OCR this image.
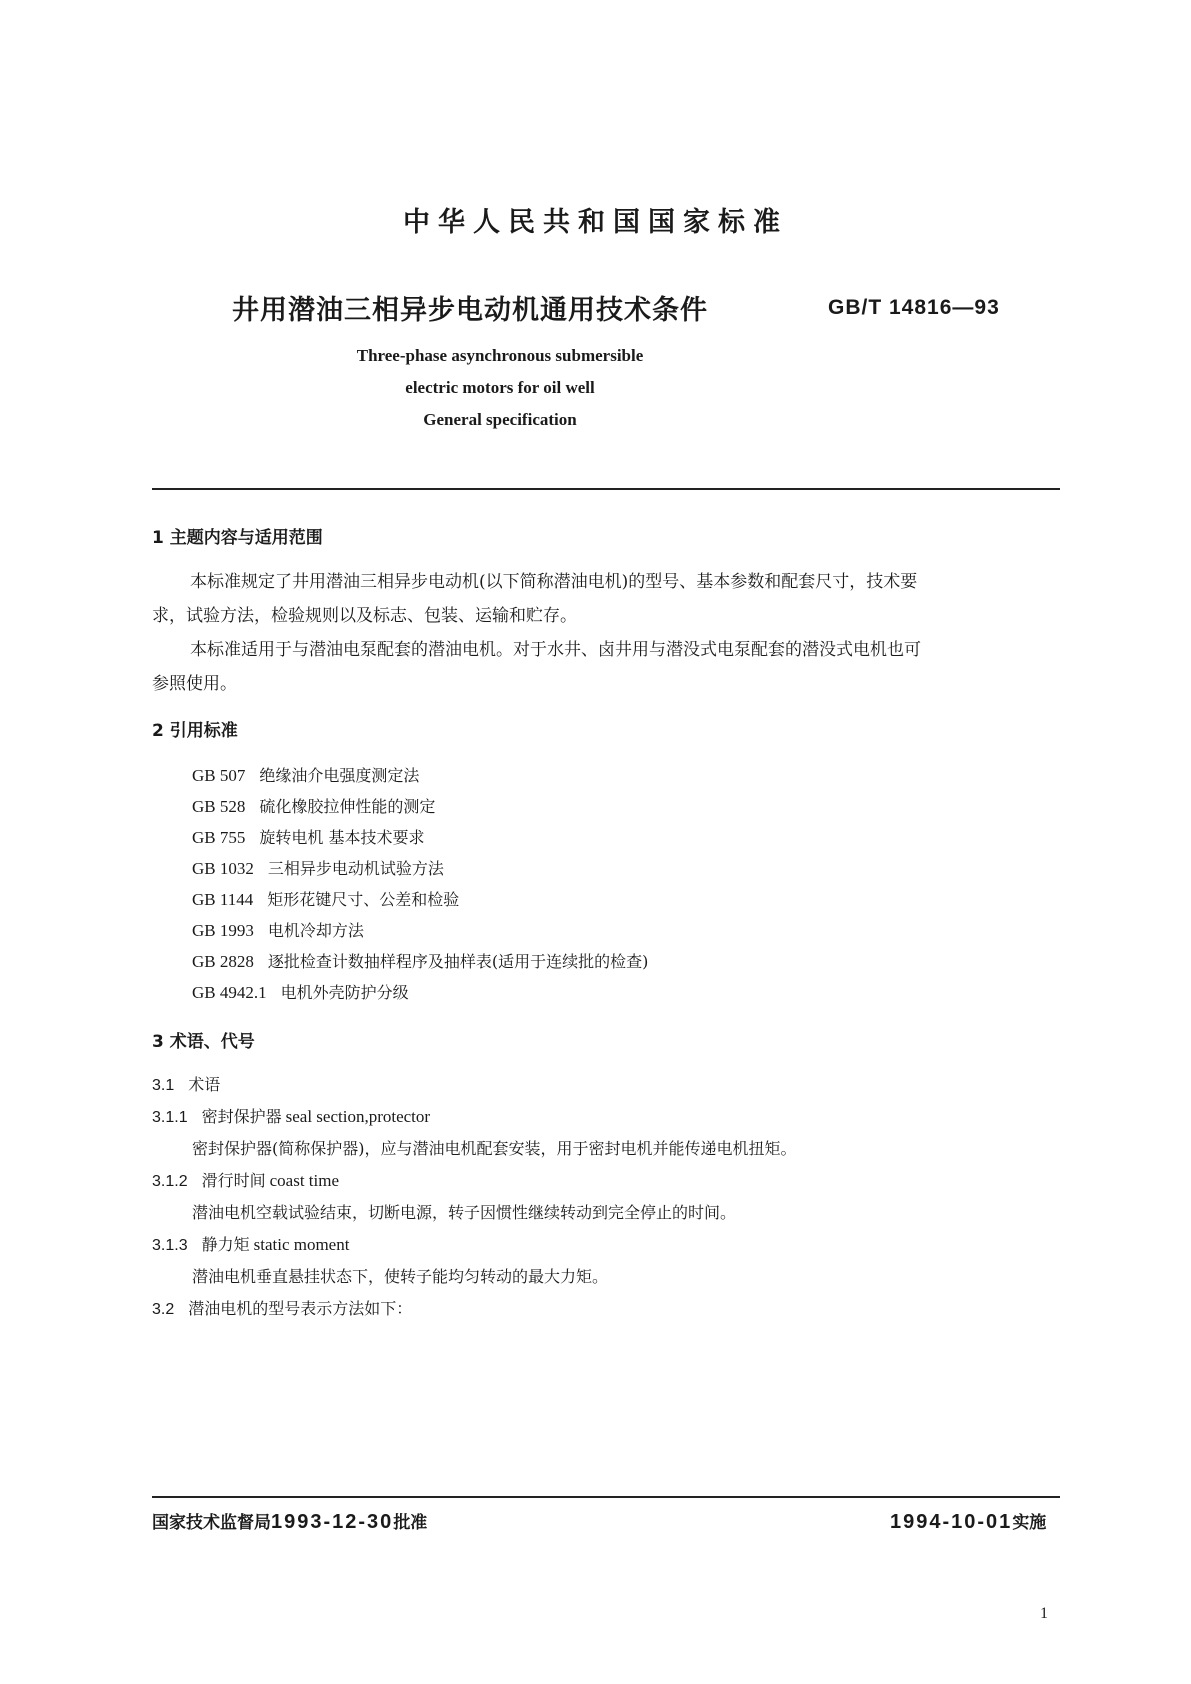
中华人民共和国国家标准
井用潜油三相异步电动机通用技术条件	GB/T 14816—93
Three-phase asynchronous submersible
electric motors for oil well
General specification
1 主题内容与适用范围
本标准规定了井用潜油三相异步电动机(以下简称潜油电机)的型号、基本参数和配套尺寸，技术要
求，试验方法，检验规则以及标志、包装、运输和贮存。
本标准适用于与潜油电泵配套的潜油电机。对于水井、卤井用与潜没式电泵配套的潜没式电机也可
参照使用。
2 引用标准
GB 507 绝缘油介电强度测定法
GB 528 硫化橡胶拉伸性能的测定
GB 755 旋转电机 基本技术要求
GB 1032 三相异步电动机试验方法
GB 1144 矩形花键尺寸、公差和检验
GB 1993 电机冷却方法
GB 2828 逐批检查计数抽样程序及抽样表(适用于连续批的检查)
GB 4942.1 电机外壳防护分级
3 术语、代号
3.1 术语
3.1.1 密封保护器 seal section,protector
密封保护器(简称保护器)，应与潜油电机配套安装，用于密封电机并能传递电机扭矩。
3.1.2 滑行时间 coast time
潜油电机空载试验结束，切断电源，转子因惯性继续转动到完全停止的时间。
3.1.3 静力矩 static moment
潜油电机垂直悬挂状态下，使转子能均匀转动的最大力矩。
3.2 潜油电机的型号表示方法如下：
国家技术监督局1993-12-30批准	1994-10-01实施
1
